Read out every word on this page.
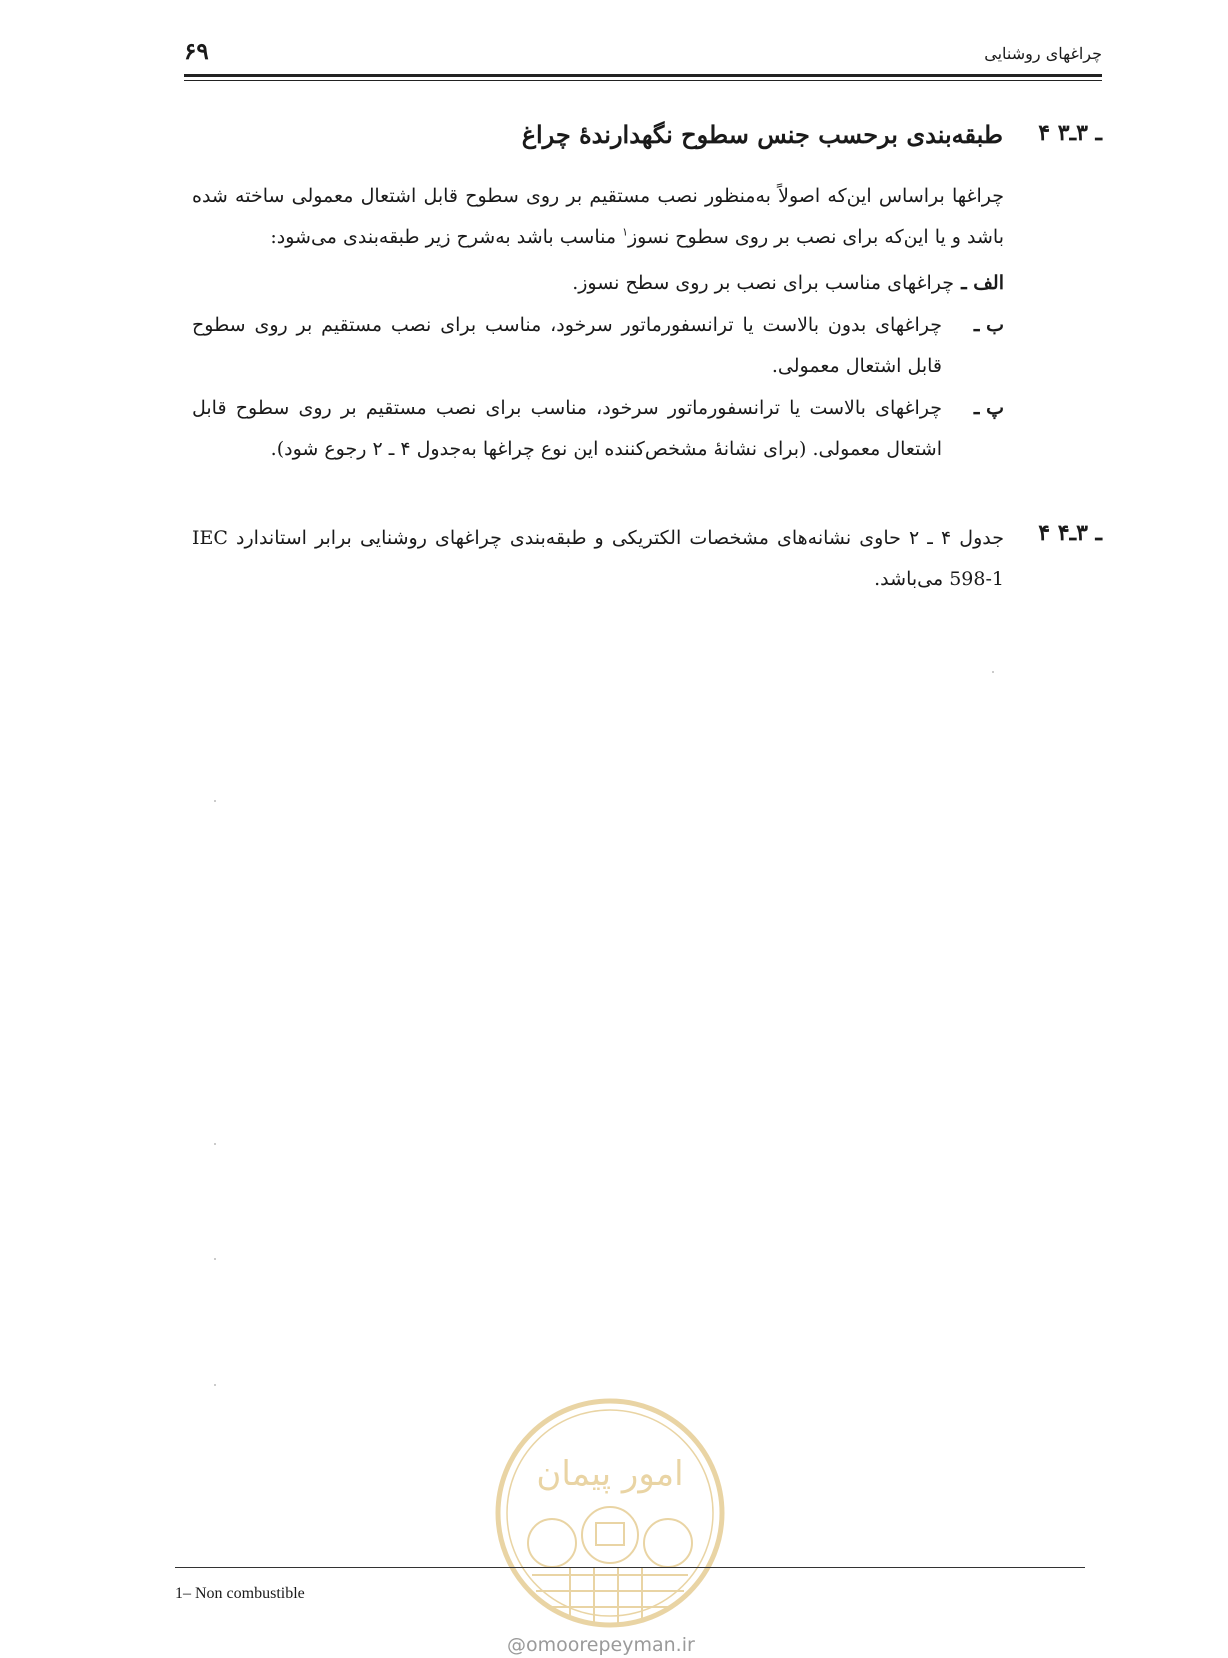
چراغهای روشنایی
۶۹
۴ ـ ۳ـ۳
طبقه‌بندی برحسب جنس سطوح نگهدارندهٔ چراغ
چراغها براساس این‌که اصولاً به‌منظور نصب مستقیم بر روی سطوح قابل اشتعال معمولی ساخته شده باشد و یا این‌که برای نصب بر روی سطوح نسوز$^۱$ مناسب باشد به‌شرح زیر طبقه‌بندی می‌شود:
الف ـ
چراغهای مناسب برای نصب بر روی سطح نسوز.
ب ـ
چراغهای بدون بالاست یا ترانسفورماتور سرخود، مناسب برای نصب مستقیم بر روی سطوح قابل اشتعال معمولی.
پ ـ
چراغهای بالاست یا ترانسفورماتور سرخود، مناسب برای نصب مستقیم بر روی سطوح قابل اشتعال معمولی. (برای نشانهٔ مشخص‌کننده این نوع چراغها به‌جدول ۴ ـ ۲ رجوع شود).
۴ ـ ۳ـ۴
جدول ۴ ـ ۲ حاوی نشانه‌های مشخصات الکتریکی و طبقه‌بندی چراغهای روشنایی برابر استاندارد IEC 598-1 می‌باشد.
امور پیمان
1– Non combustible
@omoorepeyman.ir
